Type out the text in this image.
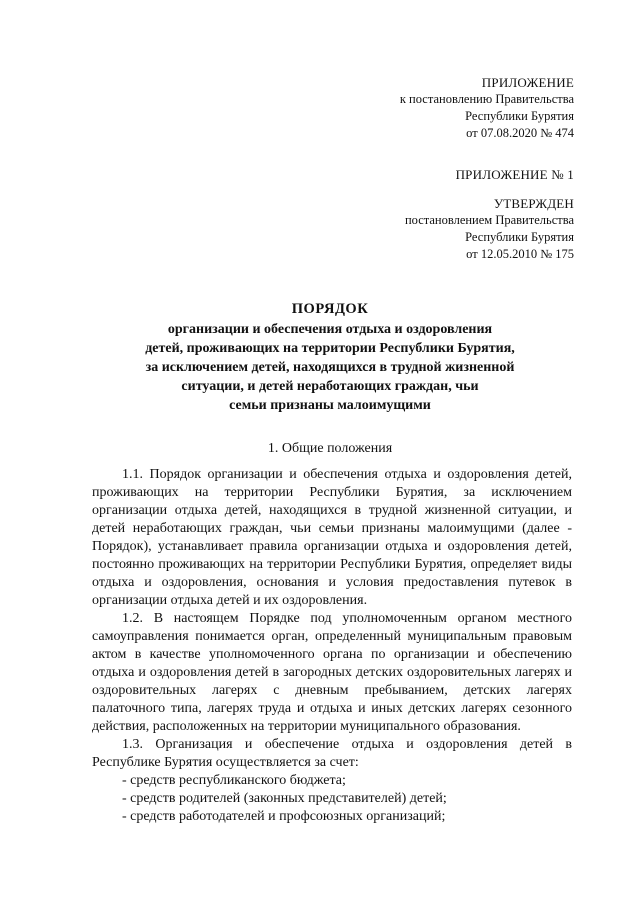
ПРИЛОЖЕНИЕ
к постановлению Правительства
Республики Бурятия
от 07.08.2020 № 474
ПРИЛОЖЕНИЕ № 1
УТВЕРЖДЕН
постановлением Правительства
Республики Бурятия
от 12.05.2010 № 175
ПОРЯДОК
организации и обеспечения отдыха и оздоровления
детей, проживающих на территории Республики Бурятия,
за исключением детей, находящихся в трудной жизненной
ситуации, и детей неработающих граждан, чьи
семьи признаны малоимущими
1. Общие положения

1.1. Порядок организации и обеспечения отдыха и оздоровления детей, проживающих на территории Республики Бурятия, за исключением организации отдыха детей, находящихся в трудной жизненной ситуации, и детей неработающих граждан, чьи семьи признаны малоимущими (далее - Порядок), устанавливает правила организации отдыха и оздоровления детей, постоянно проживающих на территории Республики Бурятия, определяет виды отдыха и оздоровления, основания и условия предоставления путевок в организации отдыха детей и их оздоровления.

1.2. В настоящем Порядке под уполномоченным органом местного самоуправления понимается орган, определенный муниципальным правовым актом в качестве уполномоченного органа по организации и обеспечению отдыха и оздоровления детей в загородных детских оздоровительных лагерях и оздоровительных лагерях с дневным пребыванием, детских лагерях палаточного типа, лагерях труда и отдыха и иных детских лагерях сезонного действия, расположенных на территории муниципального образования.

1.3. Организация и обеспечение отдыха и оздоровления детей в Республике Бурятия осуществляется за счет:

- средств республиканского бюджета;

- средств родителей (законных представителей) детей;

- средств работодателей и профсоюзных организаций;
